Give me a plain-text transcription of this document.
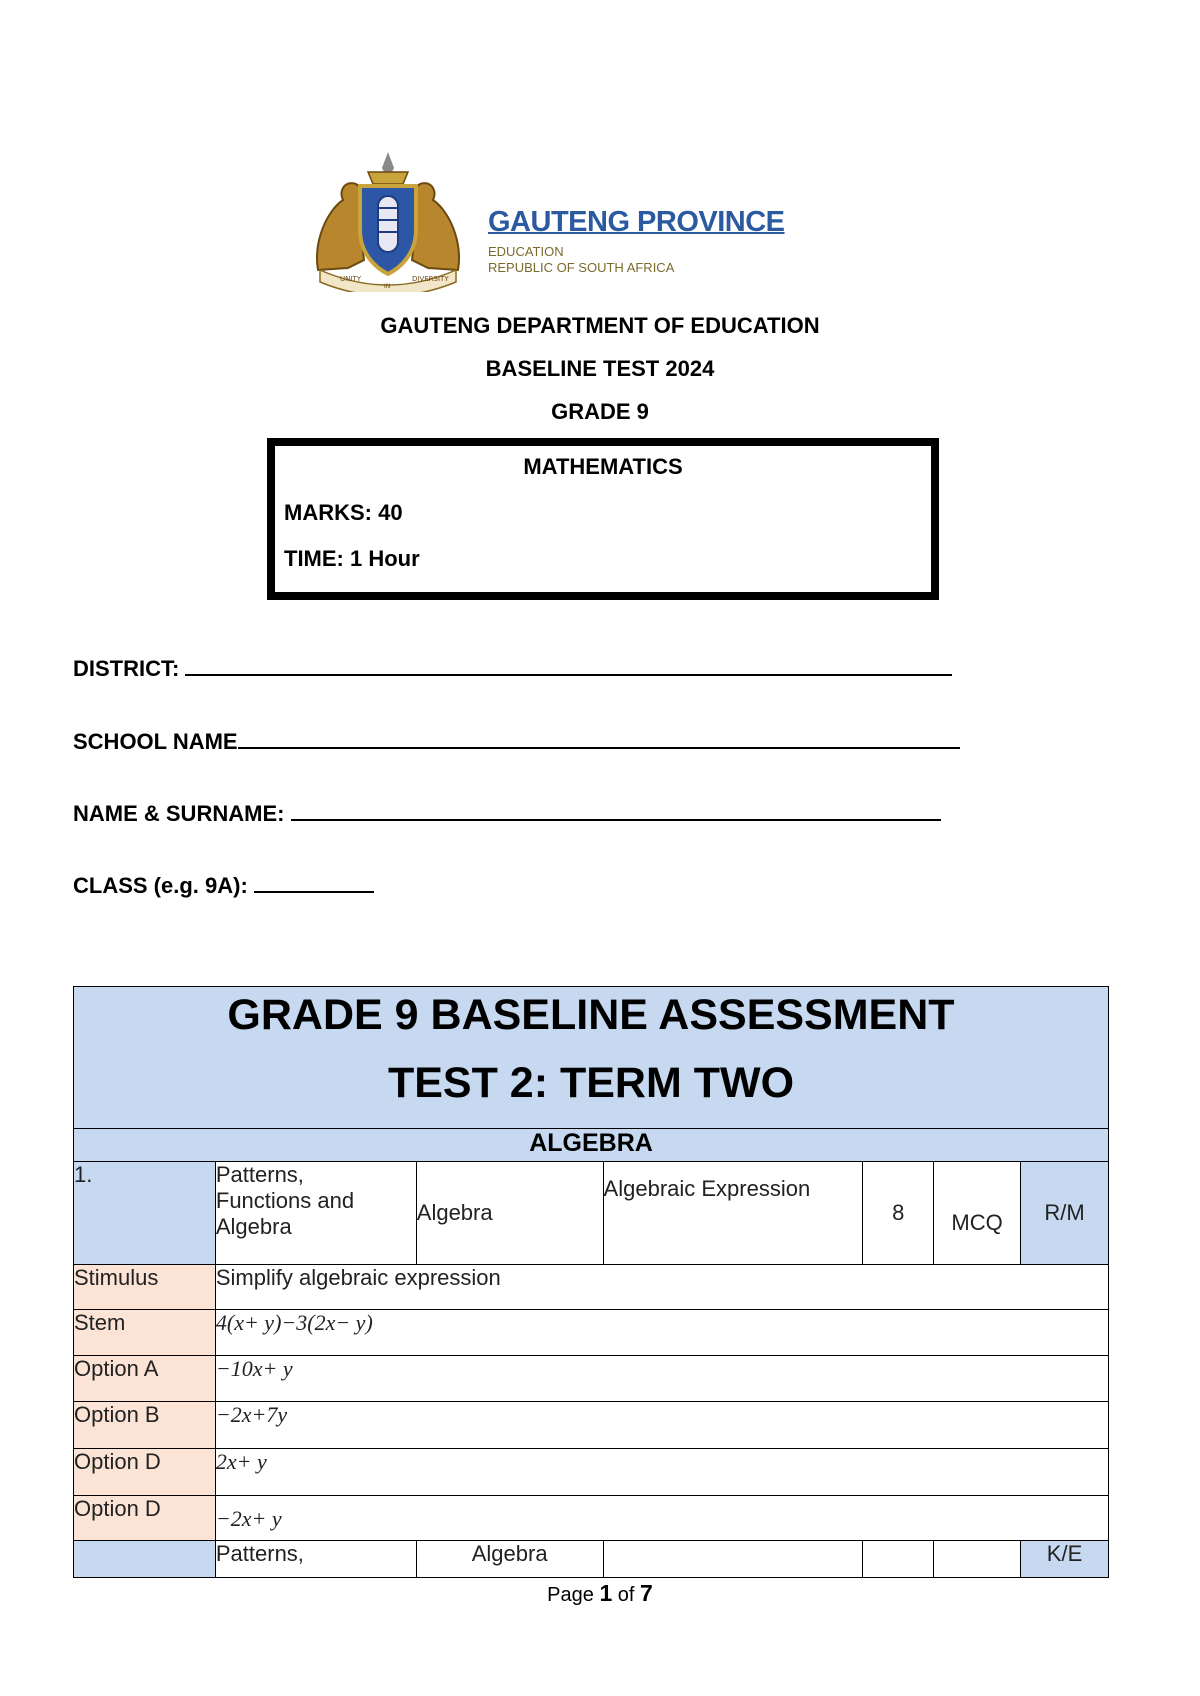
UNITY
IN
DIVERSITY
GAUTENG PROVINCE
EDUCATION
REPUBLIC OF SOUTH AFRICA
GAUTENG DEPARTMENT OF EDUCATION
BASELINE TEST 2024
GRADE 9
MATHEMATICS
MARKS: 40
TIME: 1 Hour
DISTRICT:
SCHOOL NAME
NAME & SURNAME:
CLASS (e.g. 9A):
GRADE 9 BASELINE ASSESSMENT
TEST 2: TERM TWO						

ALGEBRA						
1.	Patterns, Functions and Algebra	Algebra	Algebraic Expression	8	MCQ	R/M
Stimulus	Simplify algebraic expression					
Stem	4(x+ y)−3(2x− y)					
Option A	−10x+ y					
Option B	−2x+7y					
Option D	2x+ y					
Option D	−2x+ y					
	Patterns,	Algebra				K/E
Page 1 of 7
